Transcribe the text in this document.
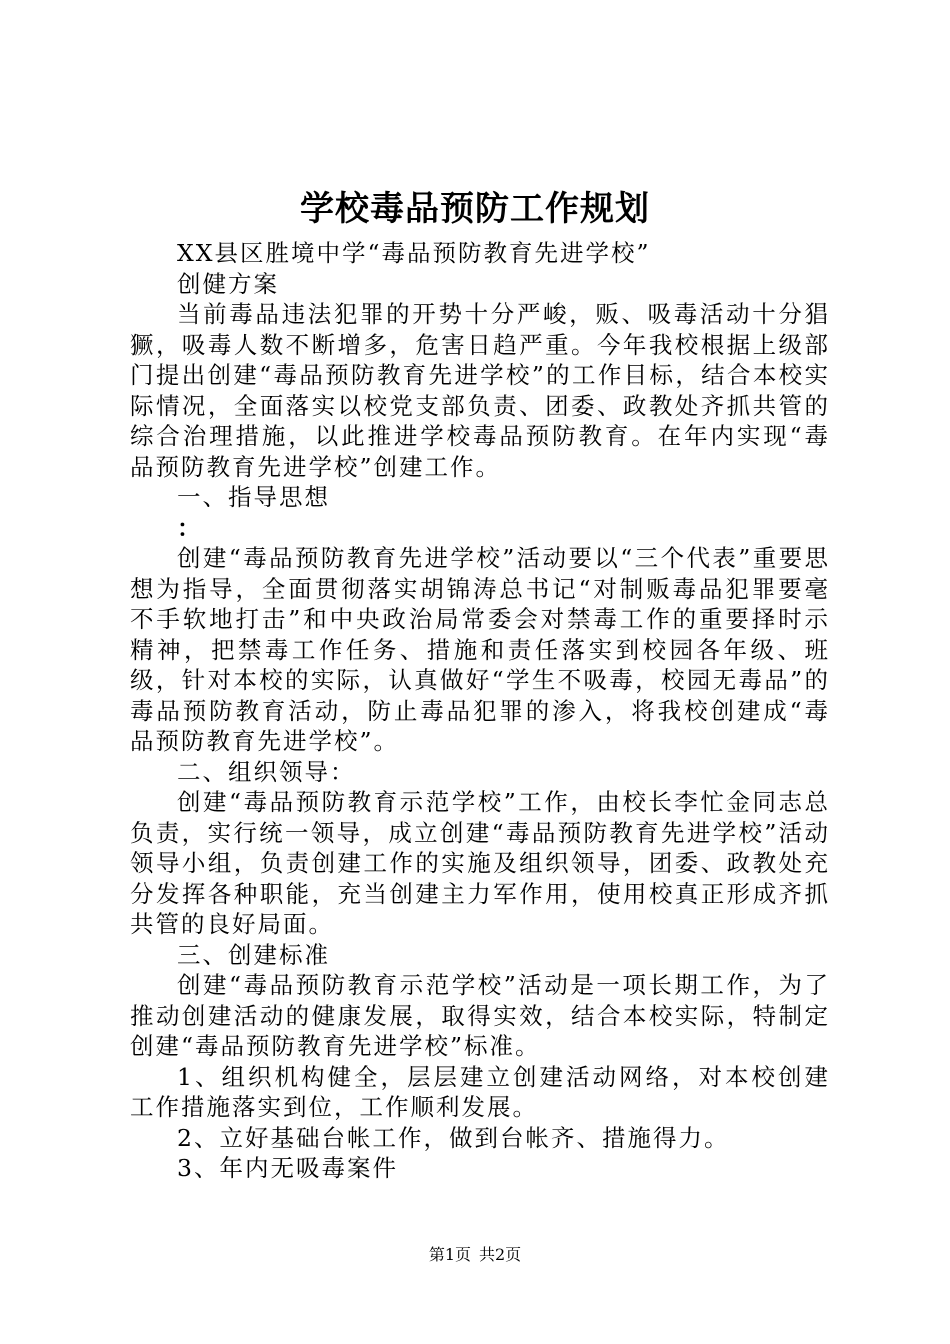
学校毒品预防工作规划

XX县区胜境中学“毒品预防教育先进学校”

创健方案

当前毒品违法犯罪的开势十分严峻，贩、吸毒活动十分猖獗，吸毒人数不断增多，危害日趋严重。今年我校根据上级部门提出创建“毒品预防教育先进学校”的工作目标，结合本校实际情况，全面落实以校党支部负责、团委、政教处齐抓共管的综合治理措施，以此推进学校毒品预防教育。在年内实现“毒品预防教育先进学校”创建工作。

一、指导思想

：

创建“毒品预防教育先进学校”活动要以“三个代表”重要思想为指导，全面贯彻落实胡锦涛总书记“对制贩毒品犯罪要毫不手软地打击”和中央政治局常委会对禁毒工作的重要择时示精神，把禁毒工作任务、措施和责任落实到校园各年级、班级，针对本校的实际，认真做好“学生不吸毒，校园无毒品”的毒品预防教育活动，防止毒品犯罪的渗入，将我校创建成“毒品预防教育先进学校”。

二、组织领导：

创建“毒品预防教育示范学校”工作，由校长李忙金同志总负责，实行统一领导，成立创建“毒品预防教育先进学校”活动领导小组，负责创建工作的实施及组织领导，团委、政教处充分发挥各种职能，充当创建主力军作用，使用校真正形成齐抓共管的良好局面。

三、创建标准

创建“毒品预防教育示范学校”活动是一项长期工作，为了推动创建活动的健康发展，取得实效，结合本校实际，特制定创建“毒品预防教育先进学校”标准。

1、组织机构健全，层层建立创建活动网络，对本校创建工作措施落实到位，工作顺利发展。

2、立好基础台帐工作，做到台帐齐、措施得力。

3、年内无吸毒案件

第1页 共2页
